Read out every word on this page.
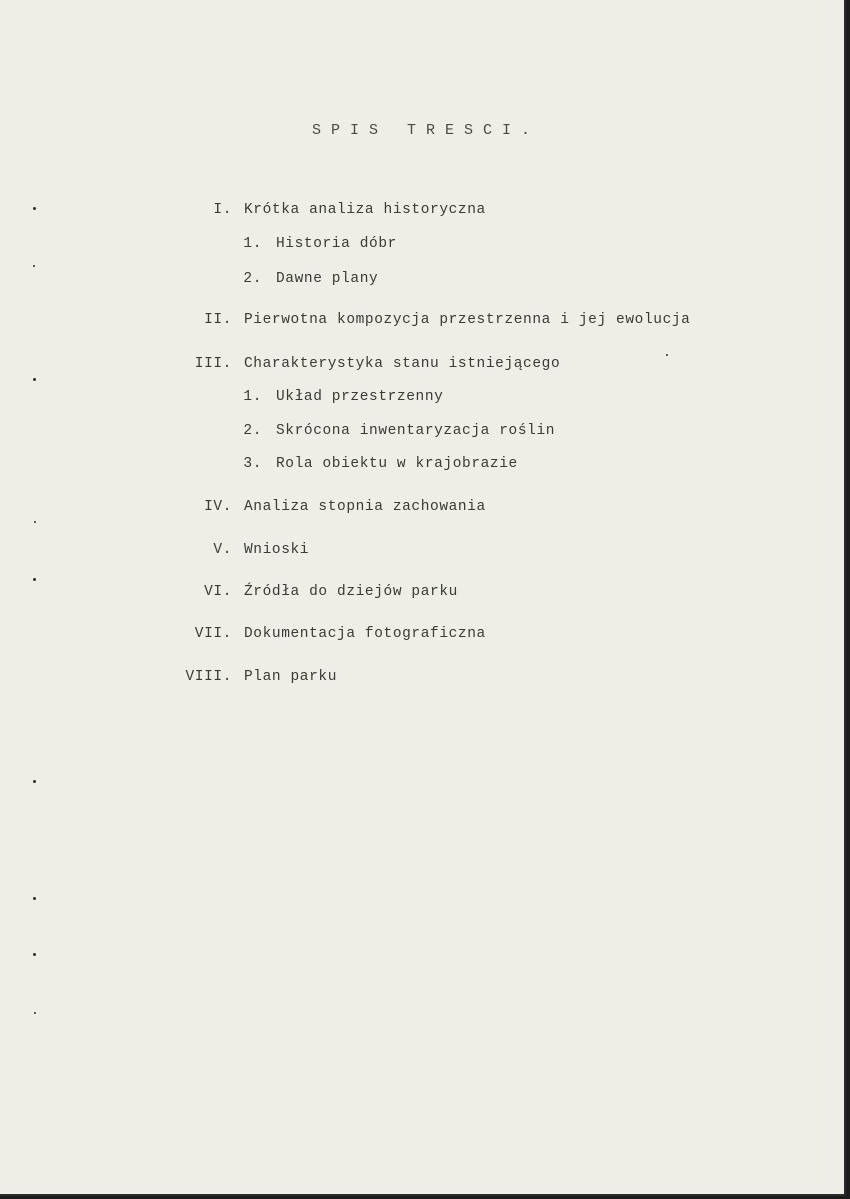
SPIS TRESCI.
I. Krótka analiza historyczna
1. Historia dóbr
2. Dawne plany
II. Pierwotna kompozycja przestrzenna i jej ewolucja
III. Charakterystyka stanu istniejącego
1. Układ przestrzenny
2. Skrócona inwentaryzacja roślin
3. Rola obiektu w krajobrazie
IV. Analiza stopnia zachowania
V. Wnioski
VI. Źródła do dziejów parku
VII. Dokumentacja fotograficzna
VIII. Plan parku
